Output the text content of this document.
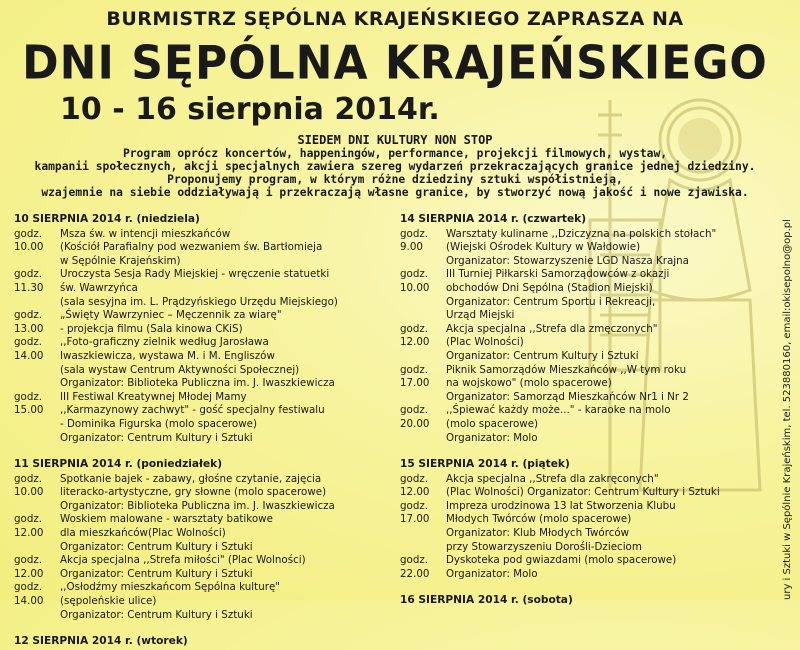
BURMISTRZ SĘPÓLNA KRAJEŃSKIEGO ZAPRASZA NA
DNI SĘPÓLNA KRAJEŃSKIEGO
10 - 16 sierpnia 2014r.
SIEDEM DNI KULTURY NON STOP
Program oprócz koncertów, happeningów, performance, projekcji filmowych, wystaw,
kampanii społecznych, akcji specjalnych zawiera szereg wydarzeń przekraczających granice jednej dziedziny.
Proponujemy program, w którym różne dziedziny sztuki współistnieją,
wzajemnie na siebie oddziaływają i przekraczają własne granice, by stworzyć nową jakość i nowe zjawiska.
10 SIERPNIA 2014 r. (niedziela)
godz. 10.00
Msza św. w intencji mieszkańców
(Kościół Parafialny pod wezwaniem św. Bartłomieja
w Sępólnie Krajeńskim)
godz. 11.30
Uroczysta Sesja Rady Miejskiej - wręczenie statuetki
św. Wawrzyńca
(sala sesyjna im. L. Prądzyńskiego Urzędu Miejskiego)
godz. 13.00
„Święty Wawrzyniec – Męczennik za wiarę"
- projekcja filmu (Sala kinowa CKiS)
godz. 14.00
,,Foto-graficzny zielnik według Jarosława
Iwaszkiewicza, wystawa M. i M. Engliszów
(sala wystaw Centrum Aktywności Społecznej)
Organizator: Biblioteka Publiczna im. J. Iwaszkiewicza
godz. 15.00
III Festiwal Kreatywnej Młodej Mamy
,,Karmazynowy zachwyt" - gość specjalny festiwalu
- Dominika Figurska (molo spacerowe)
Organizator: Centrum Kultury i Sztuki
11 SIERPNIA 2014 r. (poniedziałek)
godz. 10.00
Spotkanie bajek - zabawy, głośne czytanie, zajęcia
literacko-artystyczne, gry słowne (molo spacerowe)
Organizator: Biblioteka Publiczna im. J. Iwaszkiewicza
godz. 12.00
Woskiem malowane - warsztaty batikowe
dla mieszkańców(Plac Wolności)
Organizator: Centrum Kultury i Sztuki
godz. 12.00
Akcja specjalna ,,Strefa miłości" (Plac Wolności)
Organizator: Centrum Kultury i Sztuki
godz. 14.00
,,Osłodźmy mieszkańcom Sępólna kulturę"
(sępoleńskie ulice)
Organizator: Centrum Kultury i Sztuki
12 SIERPNIA 2014 r. (wtorek)
14 SIERPNIA 2014 r. (czwartek)
godz. 9.00
Warsztaty kulinarne ,,Dziczyzna na polskich stołach"
(Wiejski Ośrodek Kultury w Wałdowie)
Organizator: Stowarzyszenie LGD Nasza Krajna
godz. 10.00
III Turniej Piłkarski Samorządowców z okazji
obchodów Dni Sępólna (Stadion Miejski)
Organizator: Centrum Sportu i Rekreacji,
Urząd Miejski
godz. 12.00
Akcja specjalna ,,Strefa dla zmęczonych"
(Plac Wolności)
Organizator: Centrum Kultury i Sztuki
godz. 17.00
Piknik Samorządów Mieszkańców ,,W tym roku
na wojskowo" (molo spacerowe)
Organizator: Samorząd Mieszkańców Nr1 i Nr 2
godz. 20.00
,,Śpiewać każdy może..." - karaoke na molo
(molo spacerowe)
Organizator: Molo
15 SIERPNIA 2014 r. (piątek)
godz. 12.00
Akcja specjalna ,,Strefa dla zakręconych"
(Plac Wolności) Organizator: Centrum Kultury i Sztuki
godz. 17.00
Impreza urodzinowa 13 lat Stworzenia Klubu
Młodych Twórców (molo spacerowe)
Organizator: Klub Młodych Twórców
przy Stowarzyszeniu Dorośli-Dzieciom
godz. 22.00
Dyskoteka pod gwiazdami (molo spacerowe)
Organizator: Molo
16 SIERPNIA 2014 r. (sobota)
ury i Sztuki w Sępólnie Krajeńskim, tel. 523880160, email:okisepolno@op.pl
